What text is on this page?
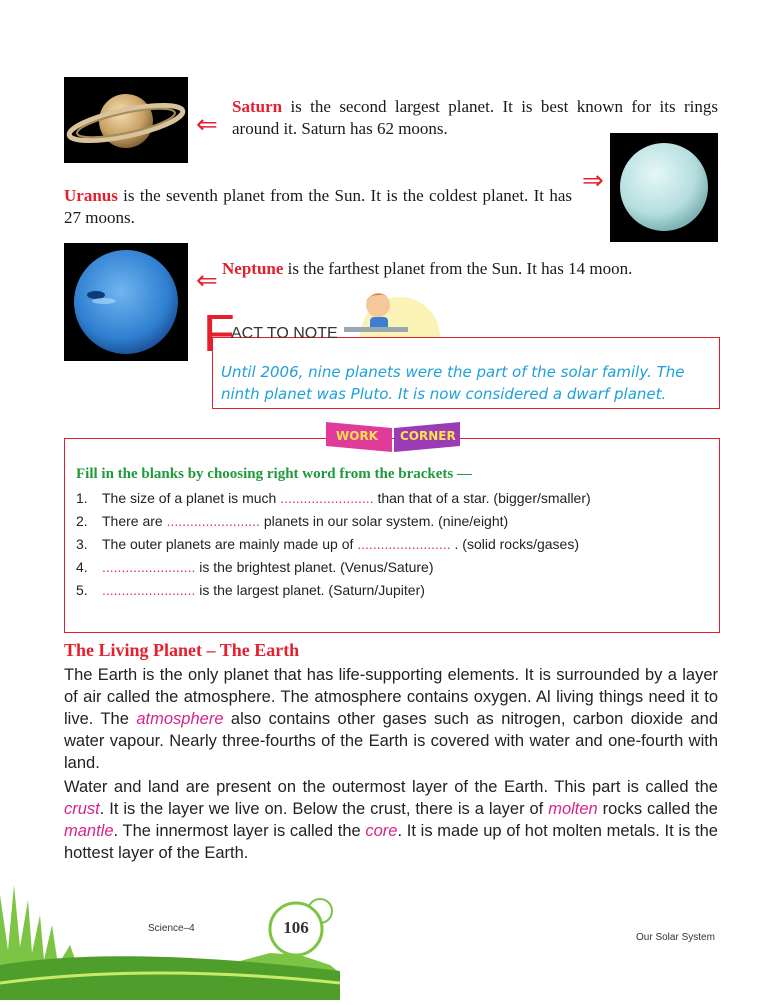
⇐
Saturn is the second largest planet. It is best known for its rings around it. Saturn has 62 moons.
Uranus is the seventh planet from the Sun. It is the coldest planet. It has 27 moons.
⇒
⇐ Neptune is the farthest planet from the Sun. It has 14 moon.
F
ACT TO NOTE
Until 2006, nine planets were the part of the solar family. The ninth planet was Pluto. It is now considered a dwarf planet.
WORK CORNER
Fill in the blanks by choosing right word from the brackets —
1. The size of a planet is much ........................ than that of a star. (bigger/smaller)
2. There are ........................ planets in our solar system. (nine/eight)
3. The outer planets are mainly made up of ........................ . (solid rocks/gases)
4. ........................ is the brightest planet. (Venus/Sature)
5. ........................ is the largest planet. (Saturn/Jupiter)
The Living Planet – The Earth
The Earth is the only planet that has life-supporting elements. It is surrounded by a layer of air called the atmosphere. The atmosphere contains oxygen. Al living things need it to live. The atmosphere also contains other gases such as nitrogen, carbon dioxide and water vapour. Nearly three-fourths of the Earth is covered with water and one-fourth with land.
Water and land are present on the outermost layer of the Earth. This part is called the crust. It is the layer we live on. Below the crust, there is a layer of molten rocks called the mantle. The innermost layer is called the core. It is made up of hot molten metals. It is the hottest layer of the Earth.
Science–4	106
Our Solar System
